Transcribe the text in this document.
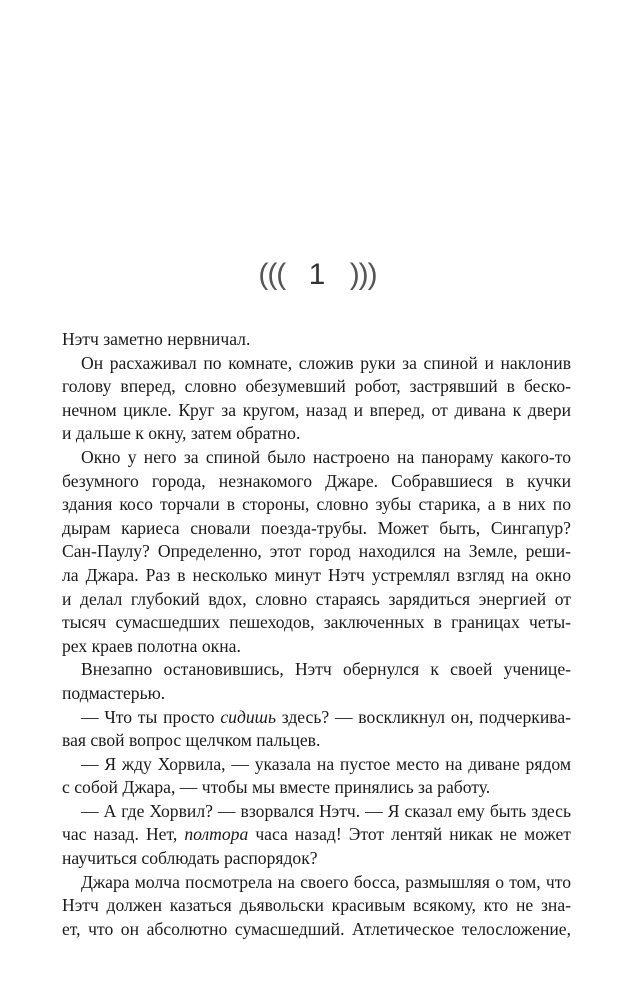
((( 1 )))
Нэтч заметно нервничал.
Он расхаживал по комнате, сложив руки за спиной и наклонив
голову вперед, словно обезумевший робот, застрявший в беско-
нечном цикле. Круг за кругом, назад и вперед, от дивана к двери
и дальше к окну, затем обратно.
Окно у него за спиной было настроено на панораму какого-то
безумного города, незнакомого Джаре. Собравшиеся в кучки
здания косо торчали в стороны, словно зубы старика, а в них по
дырам кариеса сновали поезда-трубы. Может быть, Сингапур?
Сан-Паулу? Определенно, этот город находился на Земле, реши-
ла Джара. Раз в несколько минут Нэтч устремлял взгляд на окно
и делал глубокий вдох, словно стараясь зарядиться энергией от
тысяч сумасшедших пешеходов, заключенных в границах четы-
рех краев полотна окна.
Внезапно остановившись, Нэтч обернулся к своей ученице-
подмастерью.
— Что ты просто сидишь здесь? — воскликнул он, подчеркива-
вая свой вопрос щелчком пальцев.
— Я жду Хорвила, — указала на пустое место на диване рядом
с собой Джара, — чтобы мы вместе принялись за работу.
— А где Хорвил? — взорвался Нэтч. — Я сказал ему быть здесь
час назад. Нет, полтора часа назад! Этот лентяй никак не может
научиться соблюдать распорядок?
Джара молча посмотрела на своего босса, размышляя о том, что
Нэтч должен казаться дьявольски красивым всякому, кто не зна-
ет, что он абсолютно сумасшедший. Атлетическое телосложение,
